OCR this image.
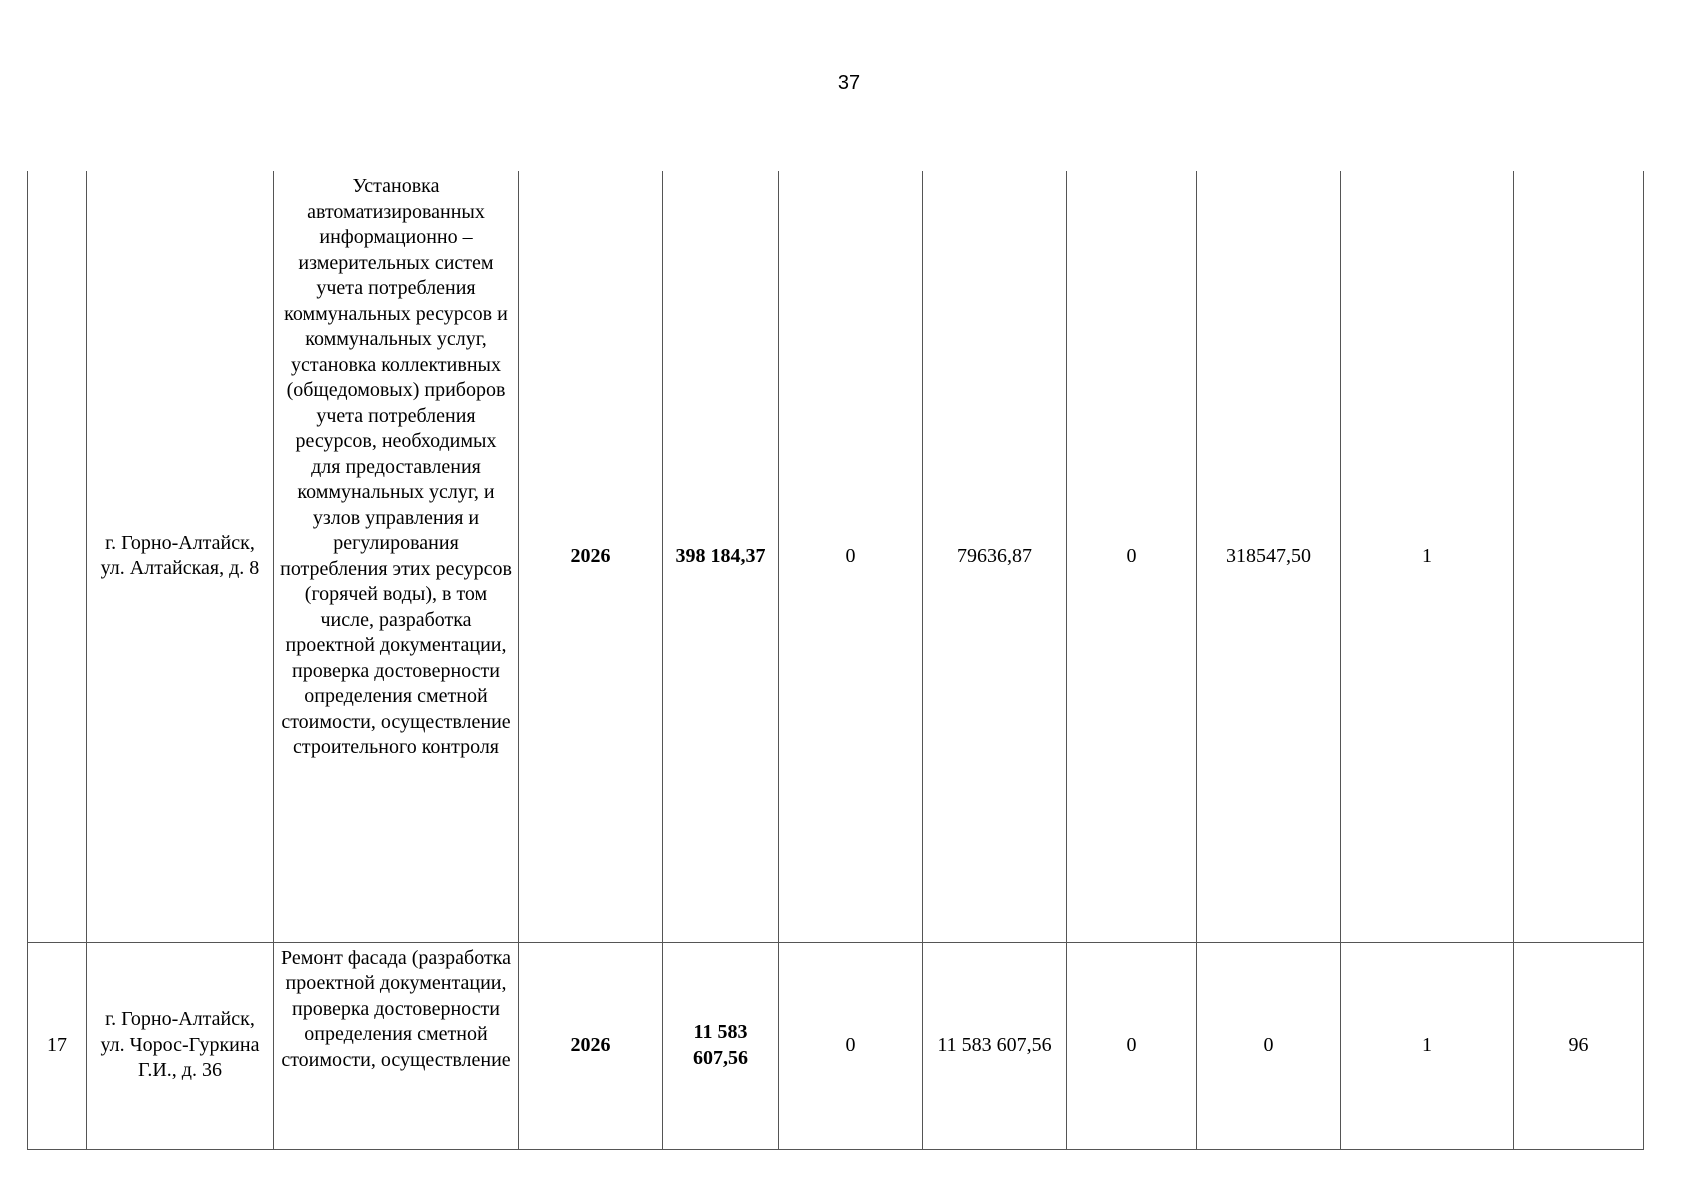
37
	г. Горно-Алтайск, ул. Алтайская, д. 8	Установка автоматизированных информационно – измерительных систем учета потребления коммунальных ресурсов и коммунальных услуг, установка коллективных (общедомовых) приборов учета потребления ресурсов, необходимых для предоставления коммунальных услуг, и узлов управления и регулирования потребления этих ресурсов (горячей воды), в том числе, разработка проектной документации, проверка достоверности определения сметной стоимости, осуществление строительного контроля	2026	398 184,37	0	79636,87	0	318547,50	1	
17	г. Горно-Алтайск, ул. Чорос-Гуркина Г.И., д. 36	Ремонт фасада (разработка проектной документации, проверка достоверности определения сметной стоимости, осуществление	2026	11 583 607,56	0	11 583 607,56	0	0	1	96
